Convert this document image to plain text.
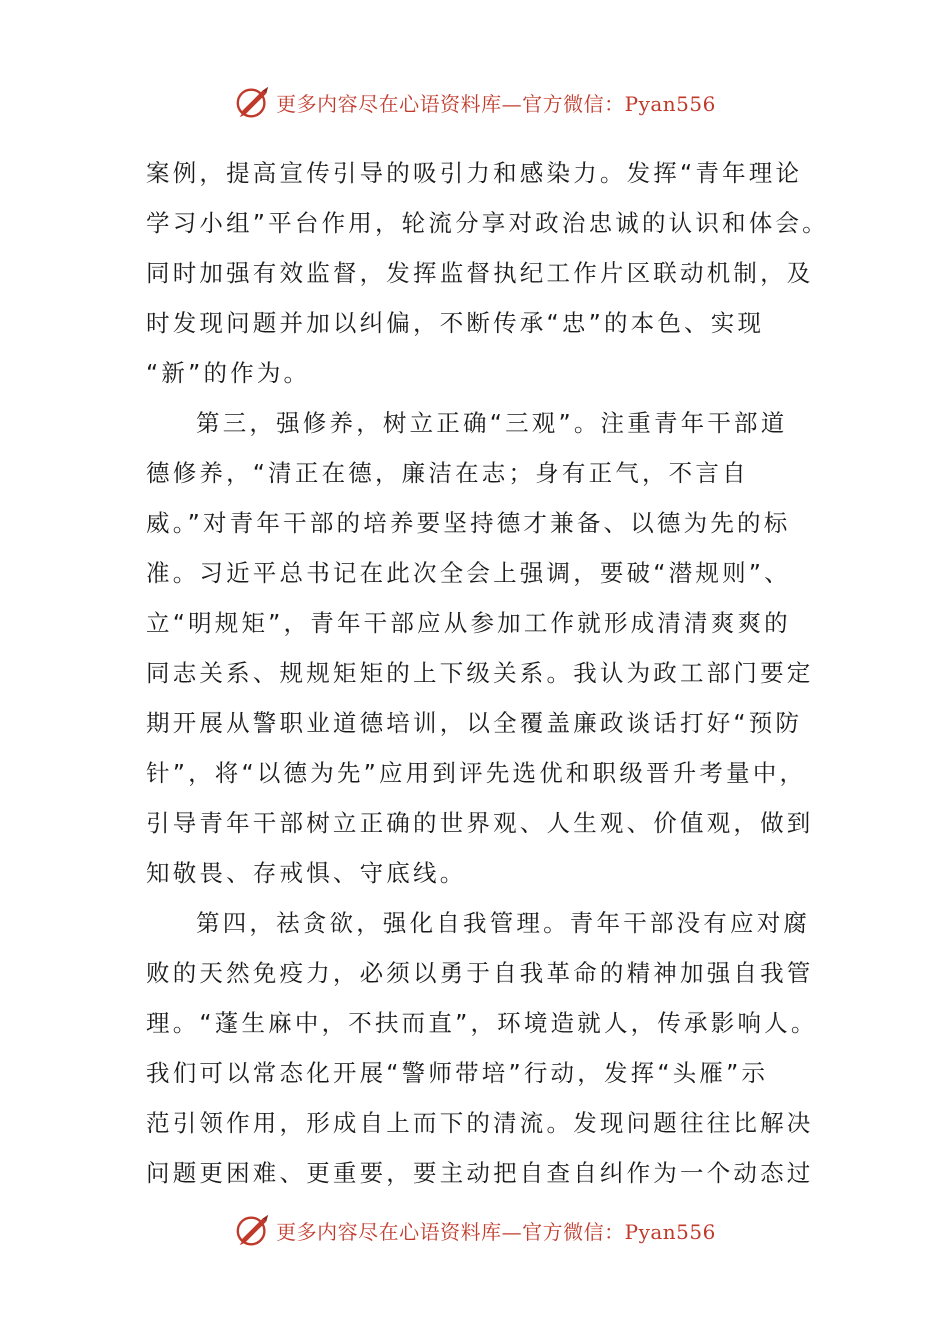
更多内容尽在心语资料库—官方微信：Pyan556
案例，提高宣传引导的吸引力和感染力。发挥“青年理论
学习小组”平台作用，轮流分享对政治忠诚的认识和体会。
同时加强有效监督，发挥监督执纪工作片区联动机制，及
时发现问题并加以纠偏，不断传承“忠”的本色、实现
“新”的作为。
第三，强修养，树立正确“三观”。注重青年干部道
德修养，“清正在德，廉洁在志；身有正气，不言自
威。”对青年干部的培养要坚持德才兼备、以德为先的标
准。习近平总书记在此次全会上强调，要破“潜规则”、
立“明规矩”，青年干部应从参加工作就形成清清爽爽的
同志关系、规规矩矩的上下级关系。我认为政工部门要定
期开展从警职业道德培训，以全覆盖廉政谈话打好“预防
针”，将“以德为先”应用到评先选优和职级晋升考量中，
引导青年干部树立正确的世界观、人生观、价值观，做到
知敬畏、存戒惧、守底线。
第四，祛贪欲，强化自我管理。青年干部没有应对腐
败的天然免疫力，必须以勇于自我革命的精神加强自我管
理。“蓬生麻中，不扶而直”，环境造就人，传承影响人。
我们可以常态化开展“警师带培”行动，发挥“头雁”示
范引领作用，形成自上而下的清流。发现问题往往比解决
问题更困难、更重要，要主动把自查自纠作为一个动态过
更多内容尽在心语资料库—官方微信：Pyan556
